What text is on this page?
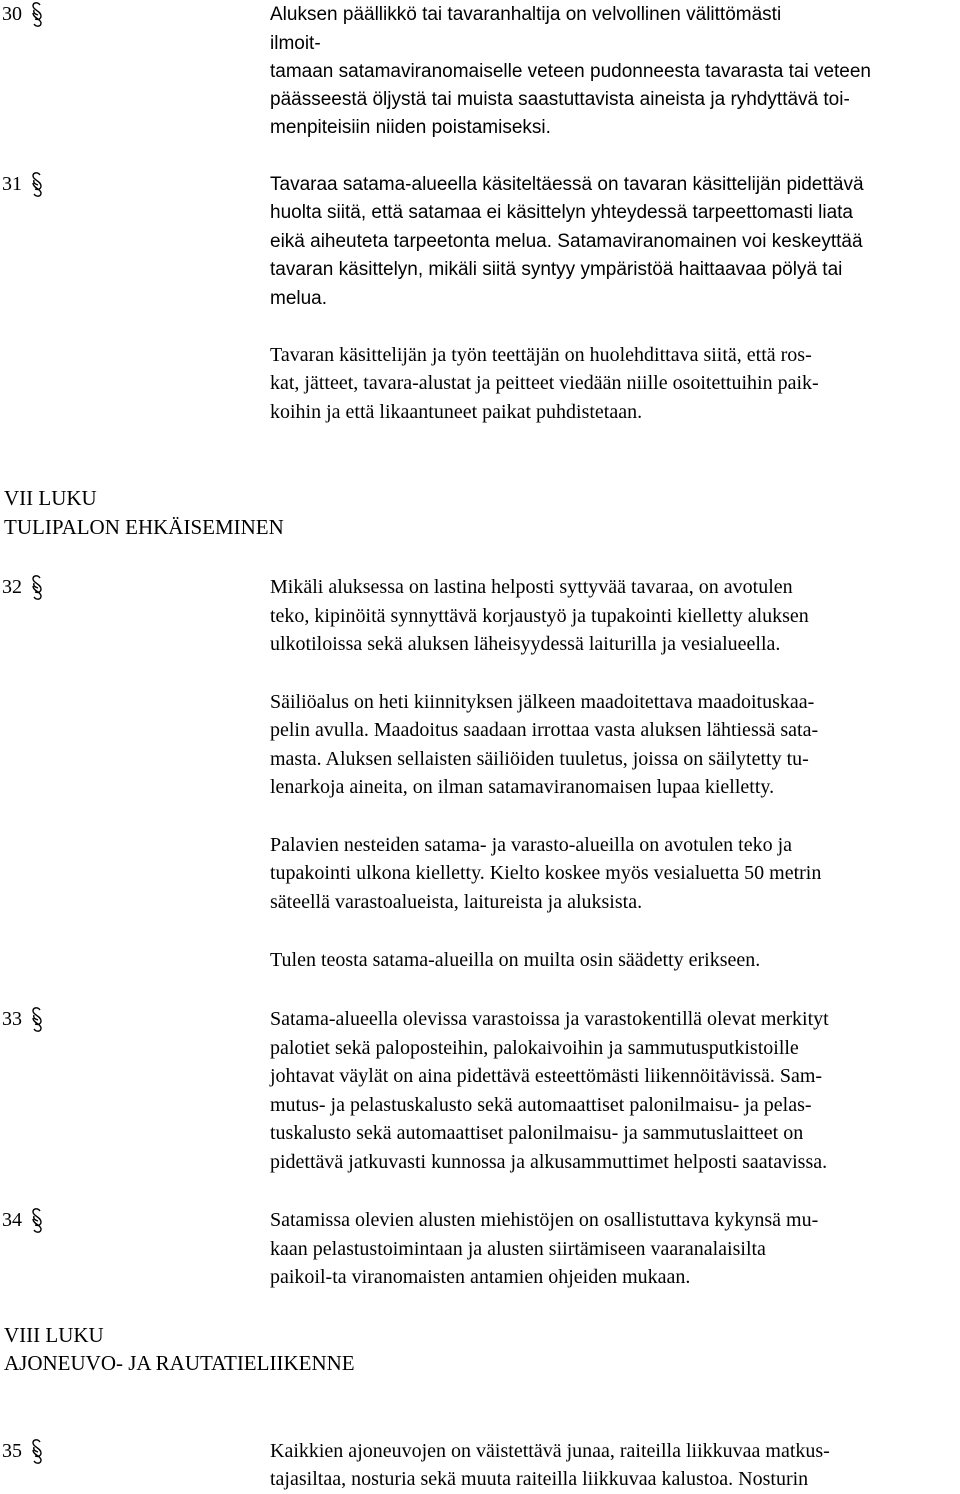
30	Aluksen päällikkö tai tavaranhaltija on velvollinen välittömästi

ilmoit-

tamaan satamaviranomaiselle veteen pudonneesta tavarasta tai veteen

päässeestä öljystä tai muista saastuttavista aineista ja ryhdyttävä toi-

menpiteisiin niiden poistamiseksi.

31	Tavaraa satama-alueella käsiteltäessä on tavaran käsittelijän pidettävä

huolta siitä, että satamaa ei käsittelyn yhteydessä tarpeettomasti liata

eikä aiheuteta tarpeetonta melua. Satamaviranomainen voi keskeyttää

tavaran käsittelyn, mikäli siitä syntyy ympäristöä haittaavaa pölyä tai

melua.

Tavaran käsittelijän ja työn teettäjän on huolehdittava siitä, että ros-

kat, jätteet, tavara-alustat ja peitteet viedään niille osoitettuihin paik-

koihin ja että likaantuneet paikat puhdistetaan.

VII LUKU

TULIPALON EHKÄISEMINEN

32	Mikäli aluksessa on lastina helposti syttyvää tavaraa, on avotulen

teko, kipinöitä synnyttävä korjaustyö ja tupakointi kielletty aluksen

ulkotiloissa sekä aluksen läheisyydessä laiturilla ja vesialueella.

Säiliöalus on heti kiinnityksen jälkeen maadoitettava maadoituskaa-

pelin avulla. Maadoitus saadaan irrottaa vasta aluksen lähtiessä sata-

masta. Aluksen sellaisten säiliöiden tuuletus, joissa on säilytetty tu-

lenarkoja aineita, on ilman satamaviranomaisen lupaa kielletty.

Palavien nesteiden satama- ja varasto-alueilla on avotulen teko ja

tupakointi ulkona kielletty. Kielto koskee myös vesialuetta 50 metrin

säteellä varastoalueista, laitureista ja aluksista.

Tulen teosta satama-alueilla on muilta osin säädetty erikseen.

33	Satama-alueella olevissa varastoissa ja varastokentillä olevat merkityt

palotiet sekä paloposteihin, palokaivoihin ja sammutusputkistoille

johtavat väylät on aina pidettävä esteettömästi liikennöitävissä. Sam-

mutus- ja pelastuskalusto sekä automaattiset palonilmaisu- ja pelas-

tuskalusto sekä automaattiset palonilmaisu- ja sammutuslaitteet on

pidettävä jatkuvasti kunnossa ja alkusammuttimet helposti saatavissa.

34	Satamissa olevien alusten miehistöjen on osallistuttava kykynsä mu-

kaan pelastustoimintaan ja alusten siirtämiseen vaaranalaisilta

paikoil-ta viranomaisten antamien ohjeiden mukaan.

VIII LUKU

AJONEUVO- JA RAUTATIELIIKENNE

35	Kaikkien ajoneuvojen on väistettävä junaa, raiteilla liikkuvaa matkus-

tajasiltaa, nosturia sekä muuta raiteilla liikkuvaa kalustoa. Nosturin
